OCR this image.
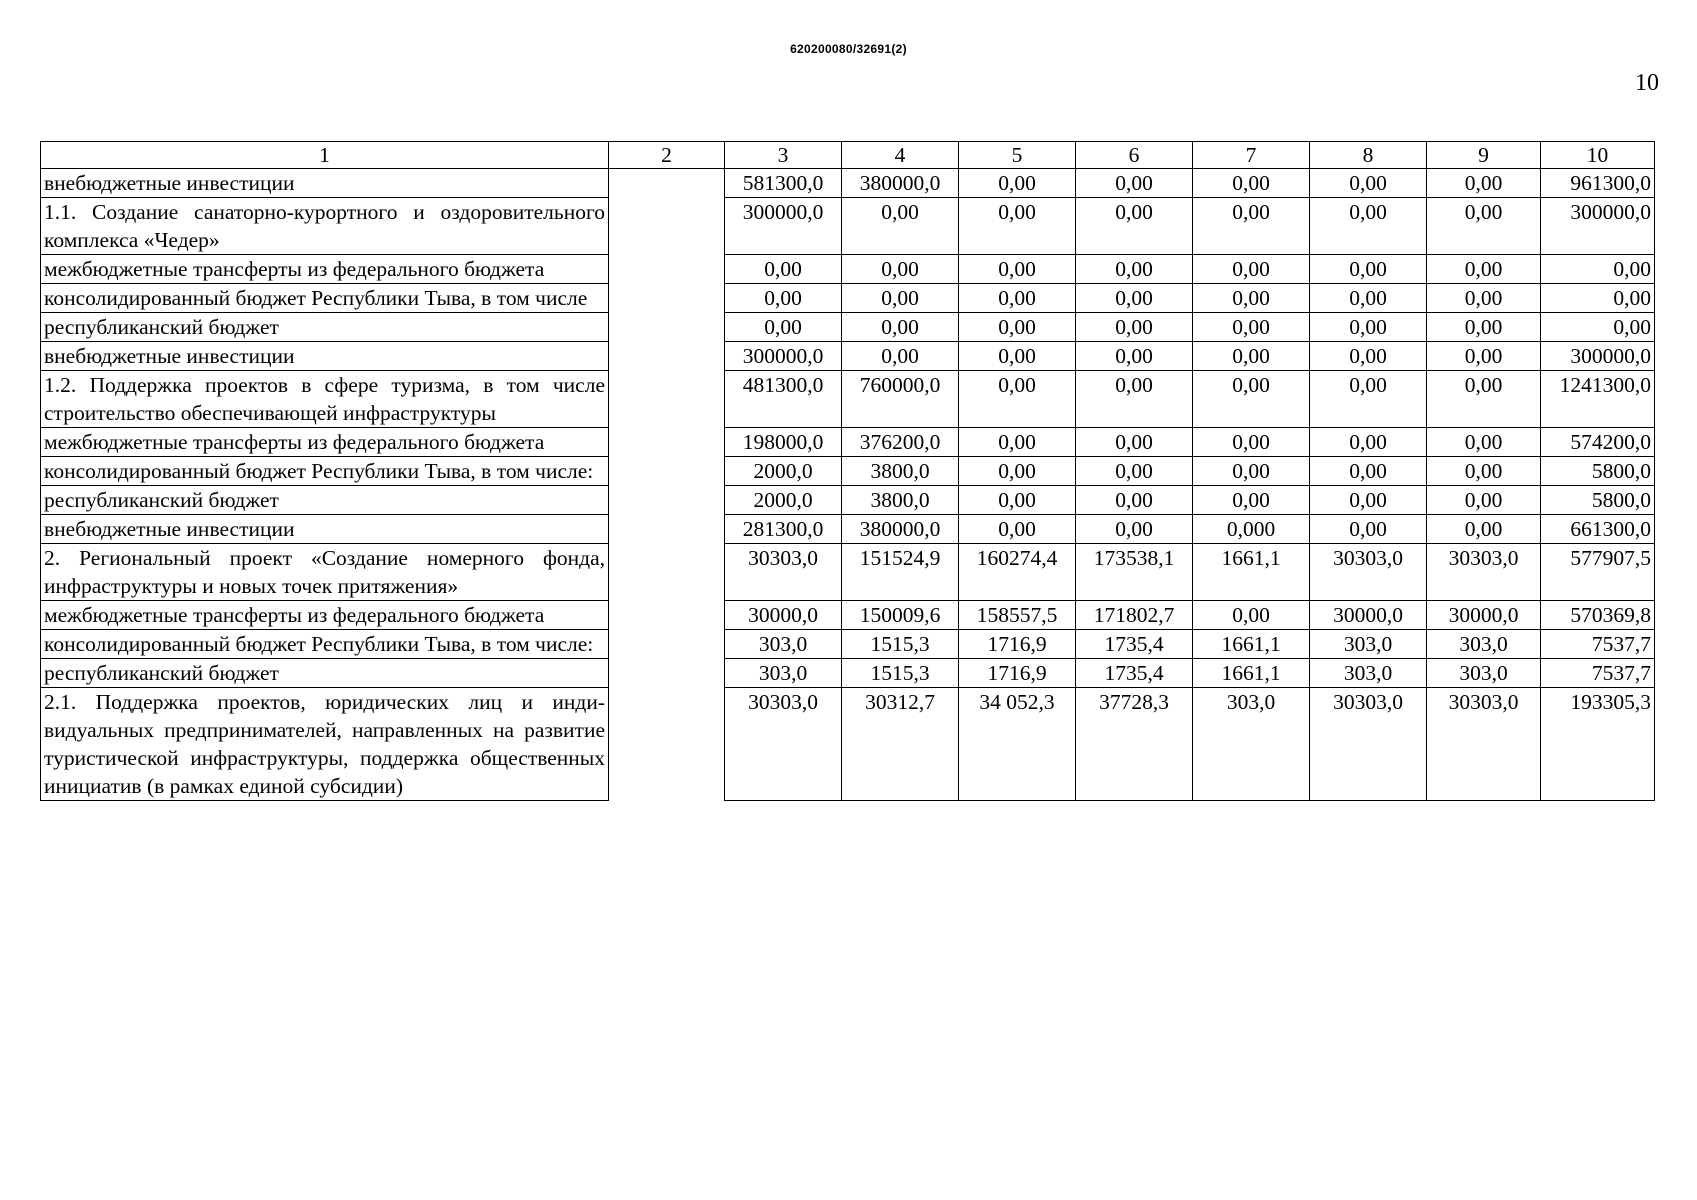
620200080/32691(2)
10
1	2	3	4	5	6	7	8	9	10
внебюджетные инвестиции		581300,0	380000,0	0,00	0,00	0,00	0,00	0,00	961300,0
1.1. Создание санаторно-курортного и оздоровительного комплекса «Чедер»		300000,0	0,00	0,00	0,00	0,00	0,00	0,00	300000,0
межбюджетные трансферты из федерального бюджета		0,00	0,00	0,00	0,00	0,00	0,00	0,00	0,00
консолидированный бюджет Республики Тыва, в том числе		0,00	0,00	0,00	0,00	0,00	0,00	0,00	0,00
республиканский бюджет		0,00	0,00	0,00	0,00	0,00	0,00	0,00	0,00
внебюджетные инвестиции		300000,0	0,00	0,00	0,00	0,00	0,00	0,00	300000,0
1.2. Поддержка проектов в сфере туризма, в том числе строительство обеспечивающей инфраструктуры		481300,0	760000,0	0,00	0,00	0,00	0,00	0,00	1241300,0
межбюджетные трансферты из федерального бюджета		198000,0	376200,0	0,00	0,00	0,00	0,00	0,00	574200,0
консолидированный бюджет Республики Тыва, в том числе:		2000,0	3800,0	0,00	0,00	0,00	0,00	0,00	5800,0
республиканский бюджет		2000,0	3800,0	0,00	0,00	0,00	0,00	0,00	5800,0
внебюджетные инвестиции		281300,0	380000,0	0,00	0,00	0,000	0,00	0,00	661300,0
2. Региональный проект «Создание номерного фонда, инфраструктуры и новых точек притяжения»		30303,0	151524,9	160274,4	173538,1	1661,1	30303,0	30303,0	577907,5
межбюджетные трансферты из федерального бюджета		30000,0	150009,6	158557,5	171802,7	0,00	30000,0	30000,0	570369,8
консолидированный бюджет Республики Тыва, в том числе:		303,0	1515,3	1716,9	1735,4	1661,1	303,0	303,0	7537,7
республиканский бюджет		303,0	1515,3	1716,9	1735,4	1661,1	303,0	303,0	7537,7
2.1. Поддержка проектов, юридических лиц и индивидуальных предпринимателей, направленных на развитие туристической инфраструктуры, поддержка общественных инициатив (в рамках единой субсидии)		30303,0	30312,7	34 052,3	37728,3	303,0	30303,0	30303,0	193305,3
